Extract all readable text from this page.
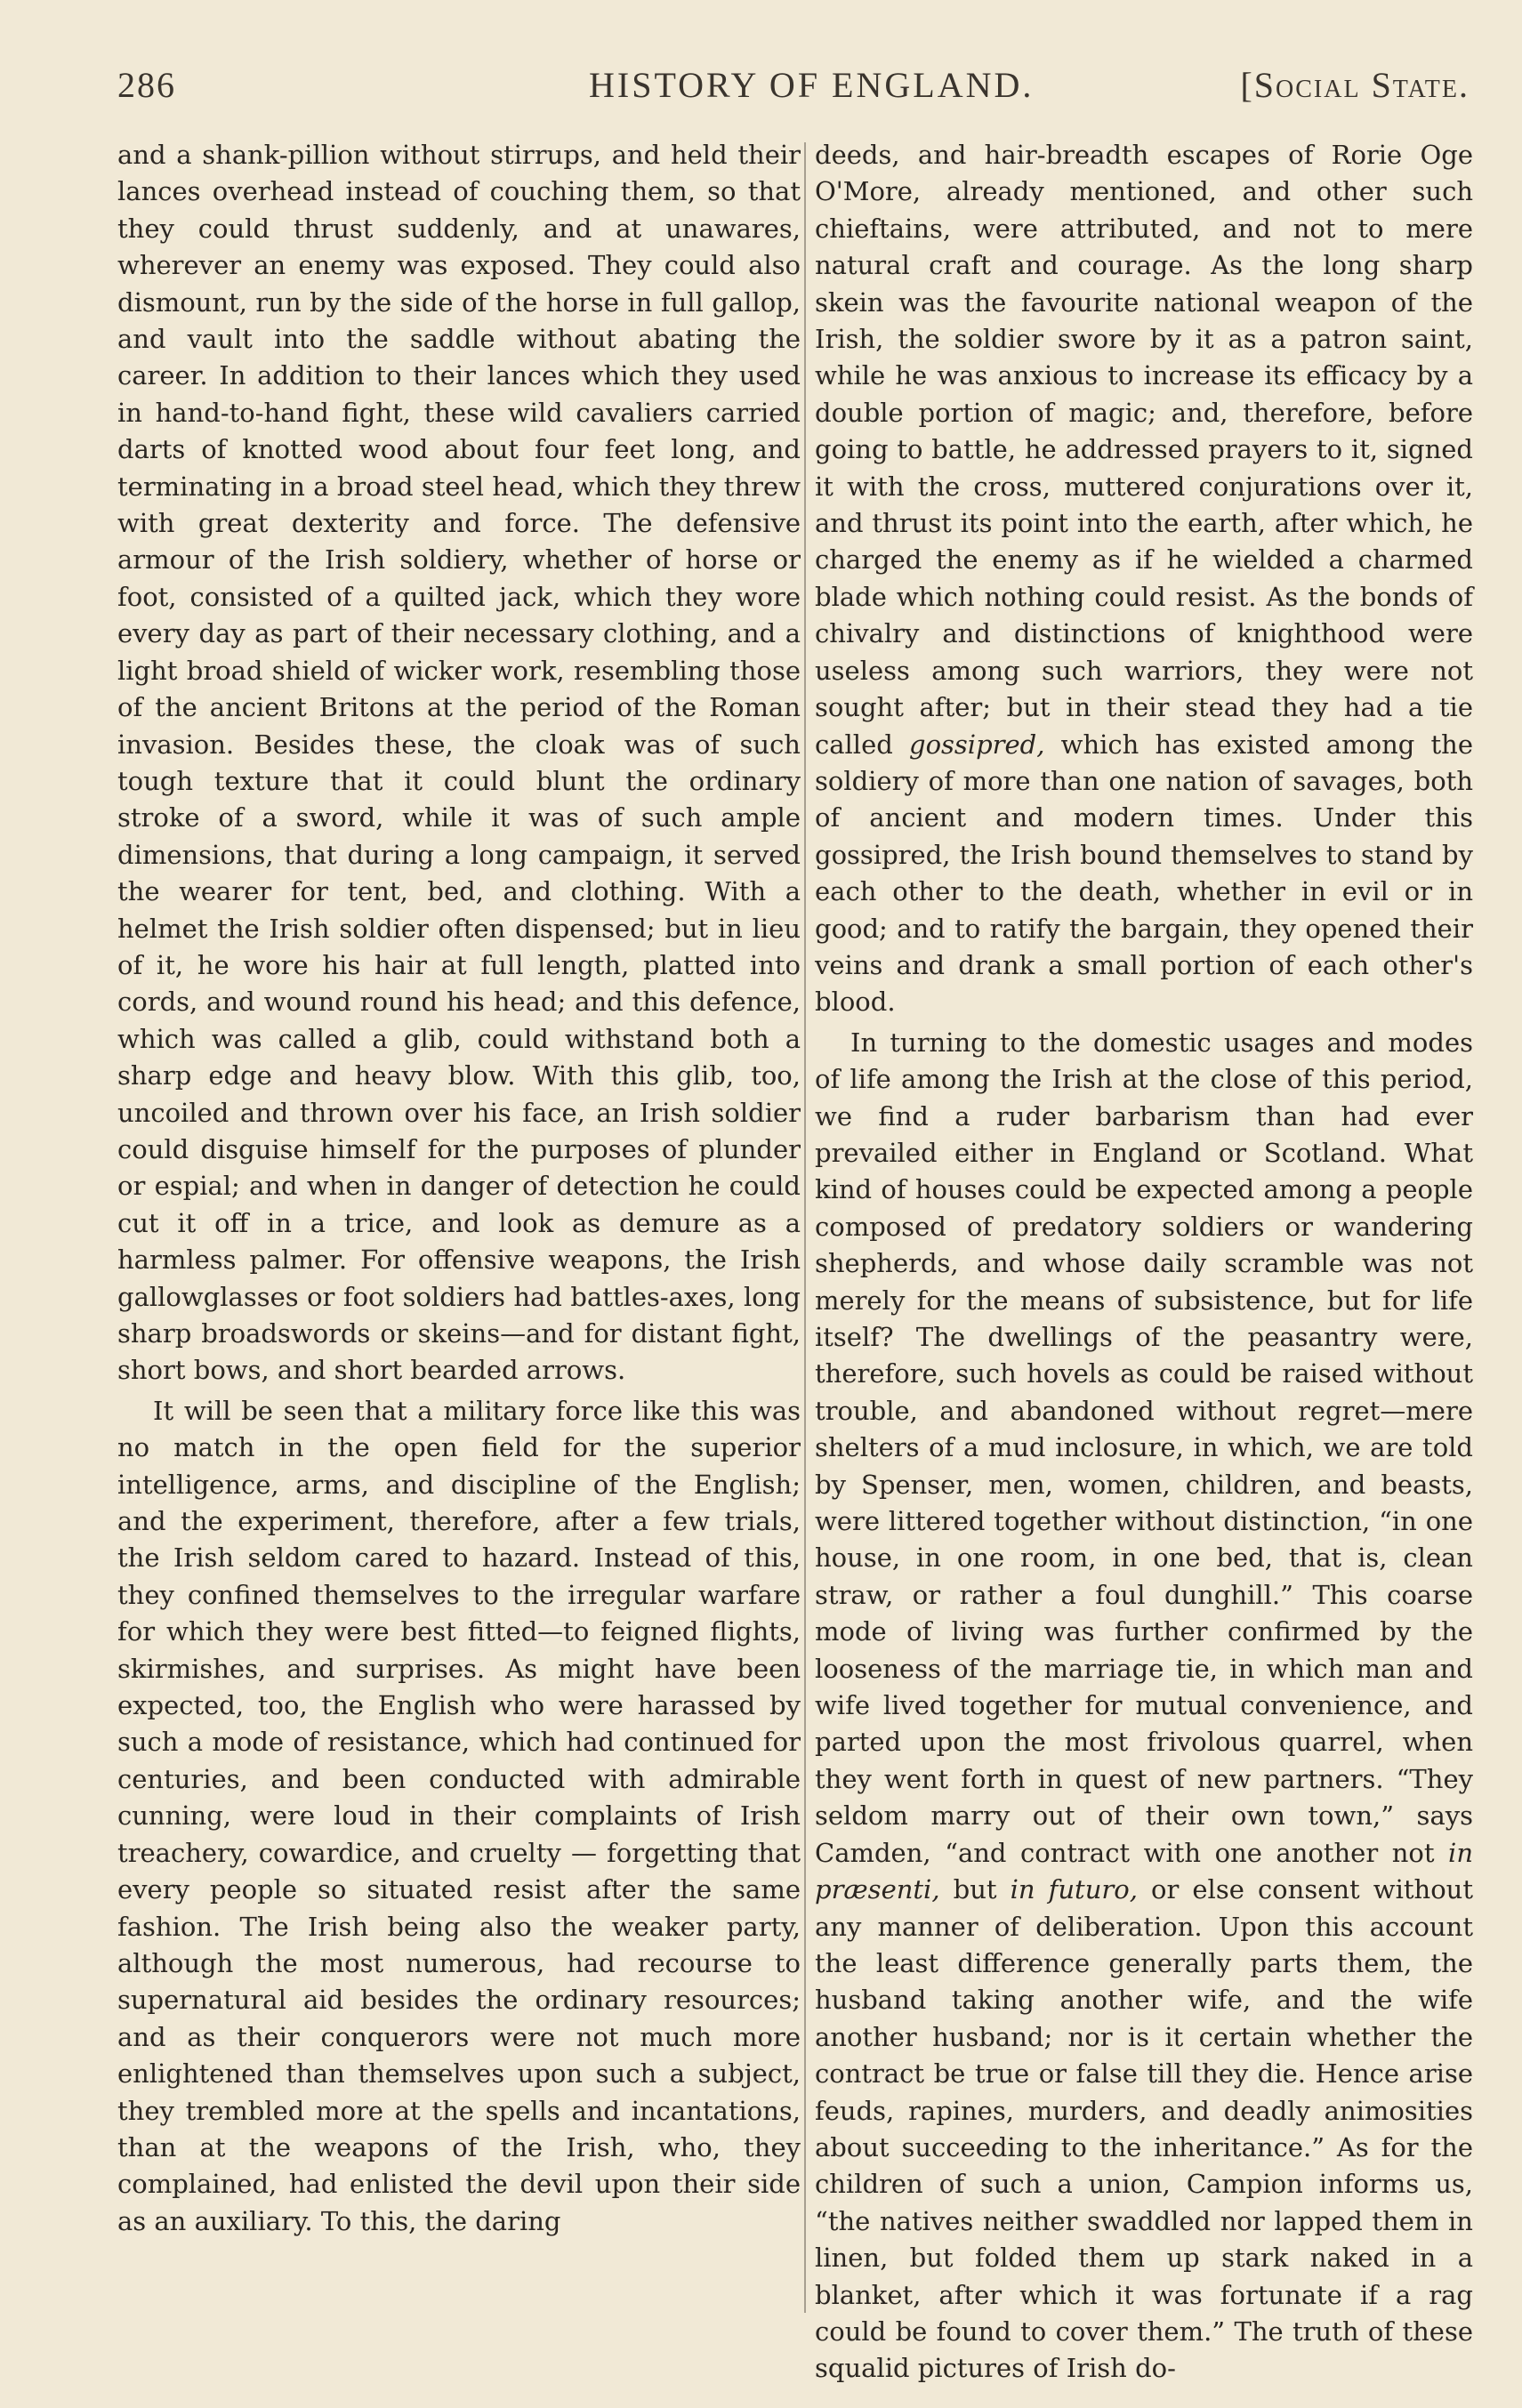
286	HISTORY OF ENGLAND.	[Social State.

and a shank-pillion without stirrups, and held their lances overhead instead of couching them, so that they could thrust suddenly, and at unawares, wherever an enemy was exposed. They could also dismount, run by the side of the horse in full gallop, and vault into the saddle without abating the career. In addition to their lances which they used in hand-to-hand fight, these wild cavaliers carried darts of knotted wood about four feet long, and terminating in a broad steel head, which they threw with great dexterity and force. The defensive armour of the Irish soldiery, whether of horse or foot, consisted of a quilted jack, which they wore every day as part of their necessary clothing, and a light broad shield of wicker work, resembling those of the ancient Britons at the period of the Roman invasion. Besides these, the cloak was of such tough texture that it could blunt the ordinary stroke of a sword, while it was of such ample dimensions, that during a long campaign, it served the wearer for tent, bed, and clothing. With a helmet the Irish soldier often dispensed; but in lieu of it, he wore his hair at full length, platted into cords, and wound round his head; and this defence, which was called a glib, could withstand both a sharp edge and heavy blow. With this glib, too, uncoiled and thrown over his face, an Irish soldier could disguise himself for the purposes of plunder or espial; and when in danger of detection he could cut it off in a trice, and look as demure as a harmless palmer. For offensive weapons, the Irish gallowglasses or foot soldiers had battles-axes, long sharp broadswords or skeins—and for distant fight, short bows, and short bearded arrows.

It will be seen that a military force like this was no match in the open field for the superior intelligence, arms, and discipline of the English; and the experiment, therefore, after a few trials, the Irish seldom cared to hazard. Instead of this, they confined themselves to the irregular warfare for which they were best fitted—to feigned flights, skirmishes, and surprises. As might have been expected, too, the English who were harassed by such a mode of resistance, which had continued for centuries, and been conducted with admirable cunning, were loud in their complaints of Irish treachery, cowardice, and cruelty — forgetting that every people so situated resist after the same fashion. The Irish being also the weaker party, although the most numerous, had recourse to supernatural aid besides the ordinary resources; and as their conquerors were not much more enlightened than themselves upon such a subject, they trembled more at the spells and incantations, than at the weapons of the Irish, who, they complained, had enlisted the devil upon their side as an auxiliary. To this, the daring

deeds, and hair-breadth escapes of Rorie Oge O'More, already mentioned, and other such chieftains, were attributed, and not to mere natural craft and courage. As the long sharp skein was the favourite national weapon of the Irish, the soldier swore by it as a patron saint, while he was anxious to increase its efficacy by a double portion of magic; and, therefore, before going to battle, he addressed prayers to it, signed it with the cross, muttered conjurations over it, and thrust its point into the earth, after which, he charged the enemy as if he wielded a charmed blade which nothing could resist. As the bonds of chivalry and distinctions of knighthood were useless among such warriors, they were not sought after; but in their stead they had a tie called gossipred, which has existed among the soldiery of more than one nation of savages, both of ancient and modern times. Under this gossipred, the Irish bound themselves to stand by each other to the death, whether in evil or in good; and to ratify the bargain, they opened their veins and drank a small portion of each other's blood.

In turning to the domestic usages and modes of life among the Irish at the close of this period, we find a ruder barbarism than had ever prevailed either in England or Scotland. What kind of houses could be expected among a people composed of predatory soldiers or wandering shepherds, and whose daily scramble was not merely for the means of subsistence, but for life itself? The dwellings of the peasantry were, therefore, such hovels as could be raised without trouble, and abandoned without regret—mere shelters of a mud inclosure, in which, we are told by Spenser, men, women, children, and beasts, were littered together without distinction, “in one house, in one room, in one bed, that is, clean straw, or rather a foul dunghill.” This coarse mode of living was further confirmed by the looseness of the marriage tie, in which man and wife lived together for mutual convenience, and parted upon the most frivolous quarrel, when they went forth in quest of new partners. “They seldom marry out of their own town,” says Camden, “and contract with one another not in præsenti, but in futuro, or else consent without any manner of deliberation. Upon this account the least difference generally parts them, the husband taking another wife, and the wife another husband; nor is it certain whether the contract be true or false till they die. Hence arise feuds, rapines, murders, and deadly animosities about succeeding to the inheritance.” As for the children of such a union, Campion informs us, “the natives neither swaddled nor lapped them in linen, but folded them up stark naked in a blanket, after which it was fortunate if a rag could be found to cover them.” The truth of these squalid pictures of Irish do-
